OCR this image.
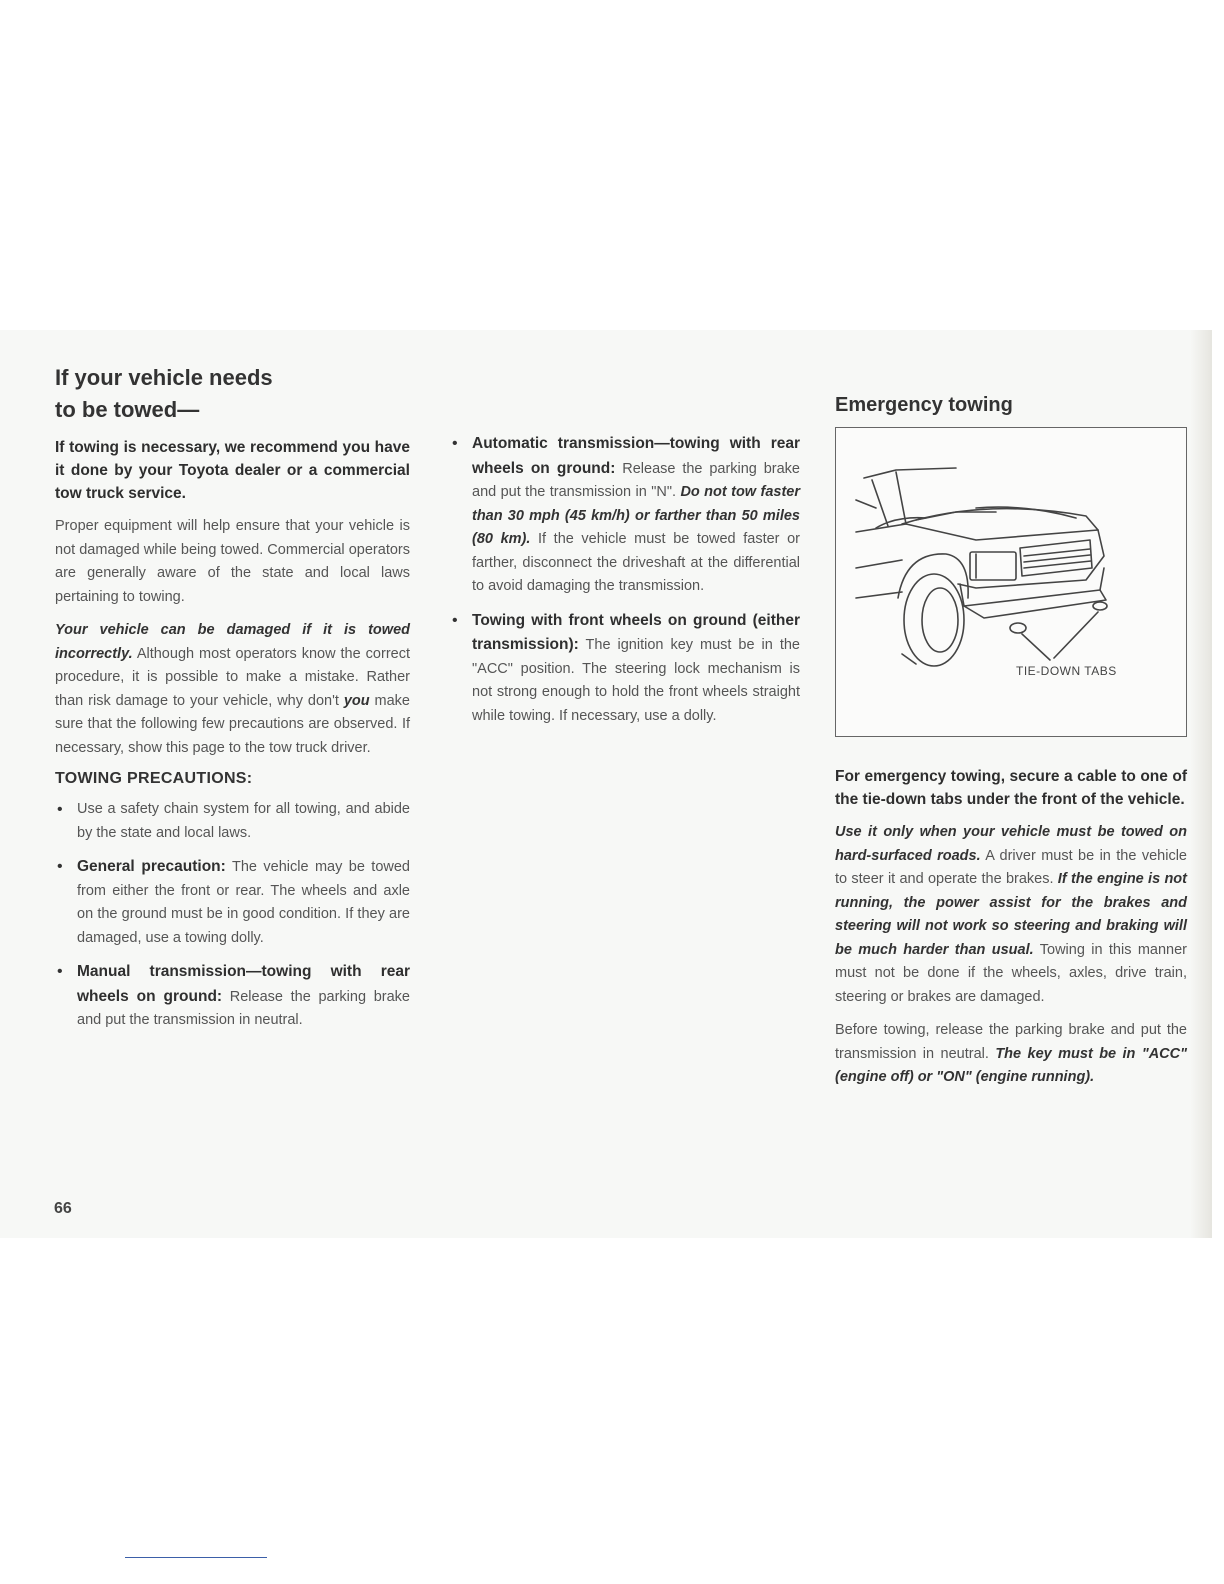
If your vehicle needs
to be towed—

If towing is necessary, we recommend you have it done by your Toyota dealer or a commercial tow truck service.

Proper equipment will help ensure that your vehicle is not damaged while being towed. Commercial operators are generally aware of the state and local laws pertaining to towing.

Your vehicle can be damaged if it is towed incorrectly. Although most operators know the correct procedure, it is possible to make a mistake. Rather than risk damage to your vehicle, why don't you make sure that the following few precautions are observed. If necessary, show this page to the tow truck driver.

TOWING PRECAUTIONS:
• Use a safety chain system for all towing, and abide by the state and local laws.
• General precaution: The vehicle may be towed from either the front or rear. The wheels and axle on the ground must be in good condition. If they are damaged, use a towing dolly.
• Manual transmission—towing with rear wheels on ground: Release the parking brake and put the transmission in neutral.
• Automatic transmission—towing with rear wheels on ground: Release the parking brake and put the transmission in "N". Do not tow faster than 30 mph (45 km/h) or farther than 50 miles (80 km). If the vehicle must be towed faster or farther, disconnect the driveshaft at the differential to avoid damaging the transmission.
• Towing with front wheels on ground (either transmission): The ignition key must be in the "ACC" position. The steering lock mechanism is not strong enough to hold the front wheels straight while towing. If necessary, use a dolly.
Emergency towing
TIE-DOWN TABS

For emergency towing, secure a cable to one of the tie-down tabs under the front of the vehicle.

Use it only when your vehicle must be towed on hard-surfaced roads. A driver must be in the vehicle to steer it and operate the brakes. If the engine is not running, the power assist for the brakes and steering will not work so steering and braking will be much harder than usual. Towing in this manner must not be done if the wheels, axles, drive train, steering or brakes are damaged.

Before towing, release the parking brake and put the transmission in neutral. The key must be in "ACC" (engine off) or "ON" (engine running).

66
